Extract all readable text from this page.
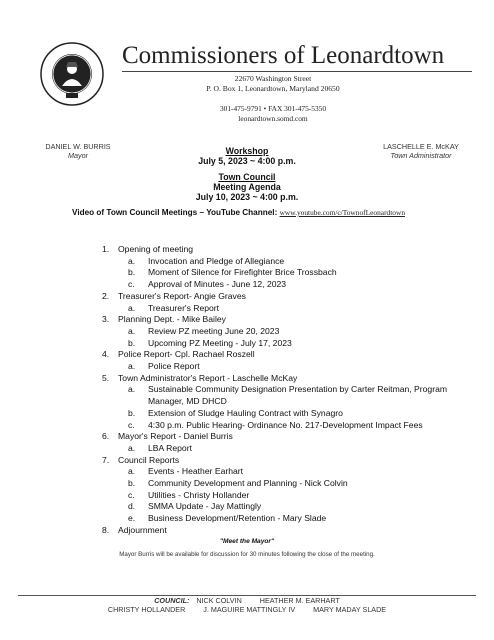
Commissioners of Leonardtown
22670 Washington Street
P. O. Box 1, Leonardtown, Maryland 20650
301-475-9791 • FAX 301-475-5350
leonardtown.somd.com
DANIEL W. BURRIS
Mayor
LASCHELLE E. McKAY
Town Administrator
Workshop
July 5, 2023 ~ 4:00 p.m.
Town Council
Meeting Agenda
July 10, 2023 ~ 4:00 p.m.
Video of Town Council Meetings – YouTube Channel: www.youtube.com/c/TownofLeonardtown
1.	Opening of meeting
a.	Invocation and Pledge of Allegiance
b.	Moment of Silence for Firefighter Brice Trossbach
c.	Approval of Minutes - June 12, 2023
2.	Treasurer's Report- Angie Graves
a.	Treasurer's Report
3.	Planning Dept. - Mike Bailey
a.	Review PZ meeting June 20, 2023
b.	Upcoming PZ Meeting - July 17, 2023
4.	Police Report- Cpl. Rachael Roszell
a.	Police Report
5.	Town Administrator's Report - Laschelle McKay
a.	Sustainable Community Designation Presentation by Carter Reitman, Program Manager, MD DHCD
b.	Extension of Sludge Hauling Contract with Synagro
c.	4:30 p.m. Public Hearing- Ordinance No. 217-Development Impact Fees
6.	Mayor's Report - Daniel Burris
a.	LBA Report
7.	Council Reports
a.	Events - Heather Earhart
b.	Community Development and Planning - Nick Colvin
c.	Utilities - Christy Hollander
d.	SMMA Update - Jay Mattingly
e.	Business Development/Retention - Mary Slade
8.	Adjournment
"Meet the Mayor"
Mayor Burris will be available for discussion for 30 minutes following the close of the meeting.
COUNCIL: NICK COLVIN	HEATHER M. EARHART
CHRISTY HOLLANDER	J. MAGUIRE MATTINGLY IV	MARY MADAY SLADE
